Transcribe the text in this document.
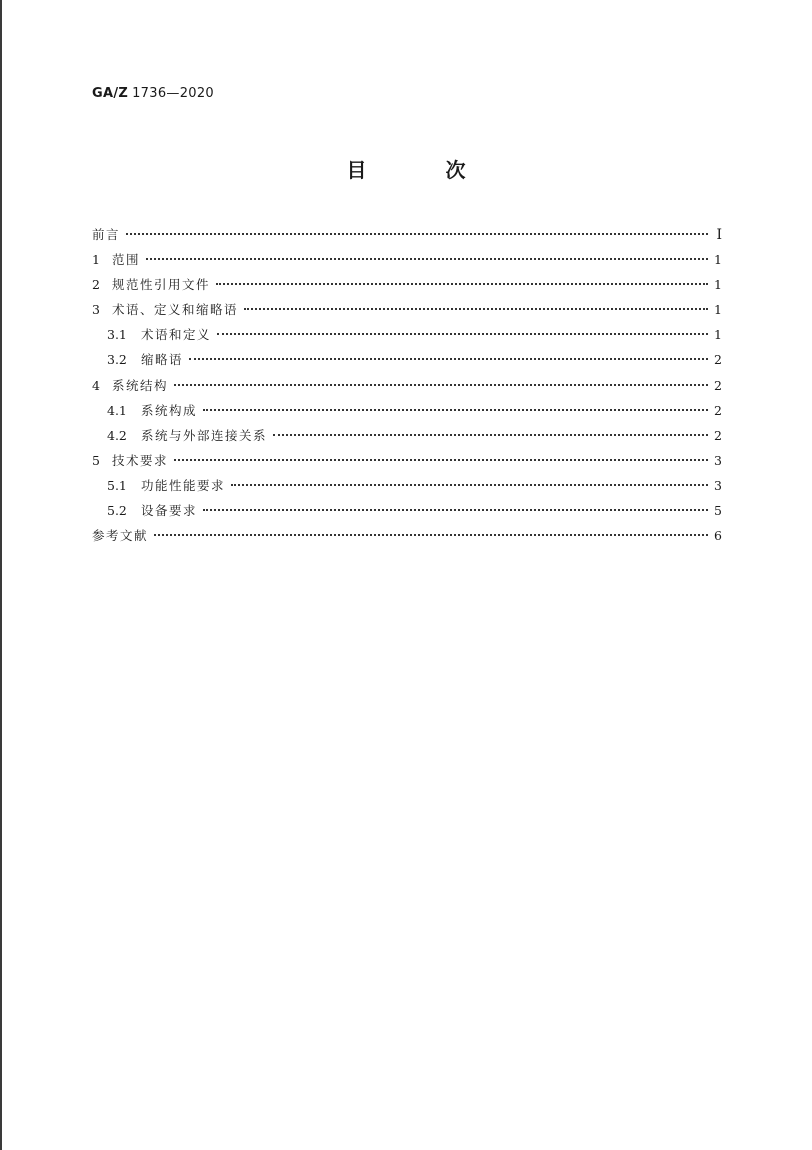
GA/Z 1736—2020
目 次
前言	Ⅰ
1 范围	1
2 规范性引用文件	1
3 术语、定义和缩略语	1
3.1	术语和定义	1
3.2	缩略语	2
4 系统结构	2
4.1	系统构成	2
4.2	系统与外部连接关系	2
5 技术要求	3
5.1	功能性能要求	3
5.2	设备要求	5
参考文献	6
